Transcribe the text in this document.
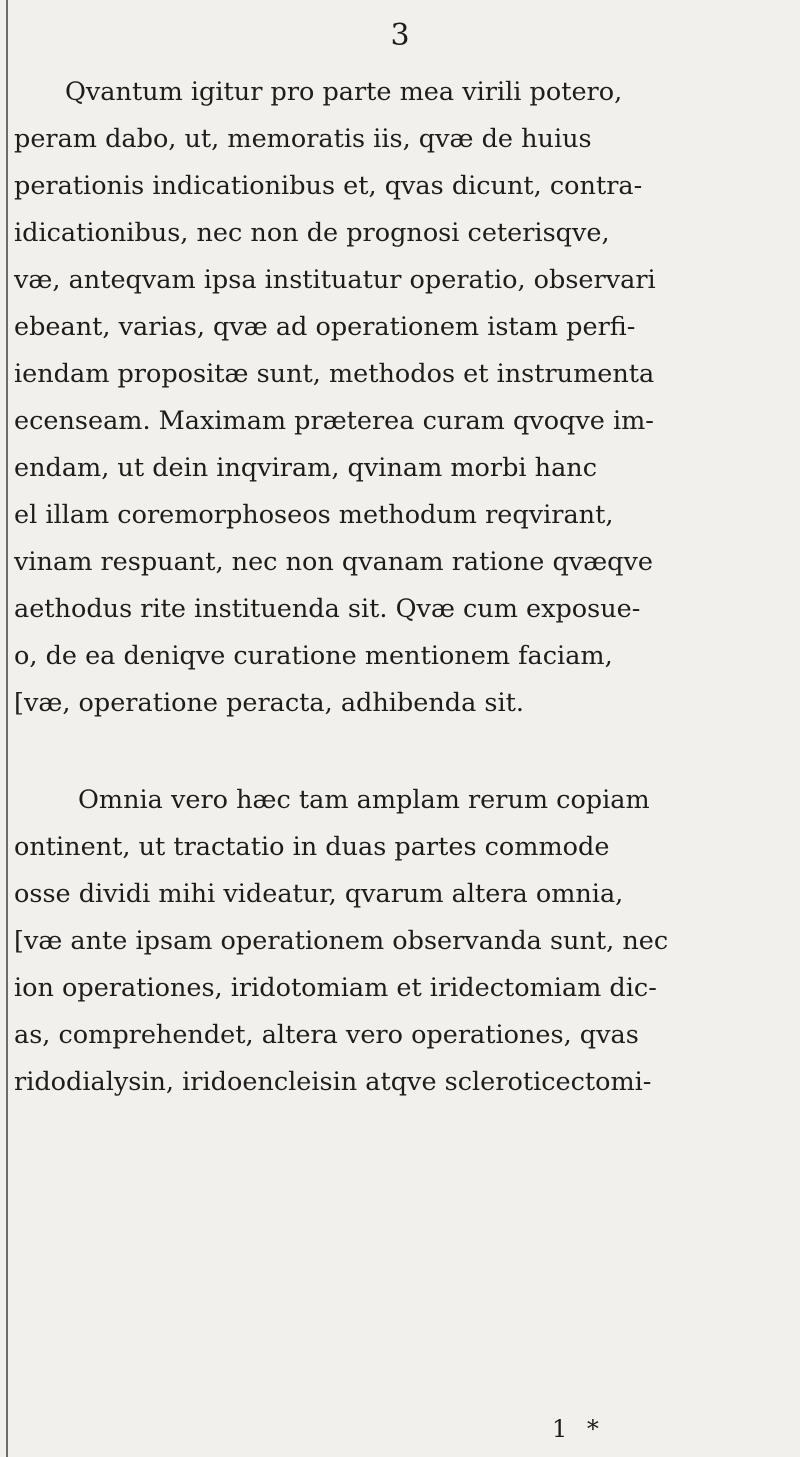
3
Qvantum igitur pro parte mea virili potero,
peram dabo, ut, memoratis iis, qvæ de huius
perationis indicationibus et, qvas dicunt, contra-
idicationibus, nec non de prognosi ceterisqve,
væ, anteqvam ipsa instituatur operatio, observari
ebeant, varias, qvæ ad operationem istam perfi-
iendam propositæ sunt, methodos et instrumenta
ecenseam. Maximam præterea curam qvoqve im-
endam, ut dein inqviram, qvinam morbi hanc
el illam coremorphoseos methodum reqvirant,
vinam respuant, nec non qvanam ratione qvæqve
aethodus rite instituenda sit. Qvæ cum exposue-
o, de ea deniqve curatione mentionem faciam,
[væ, operatione peracta, adhibenda sit.
Omnia vero hæc tam amplam rerum copiam
ontinent, ut tractatio in duas partes commode
osse dividi mihi videatur, qvarum altera omnia,
[væ ante ipsam operationem observanda sunt, nec
ion operationes, iridotomiam et iridectomiam dic-
as, comprehendet, altera vero operationes, qvas
ridodialysin, iridoencleisin atqve scleroticectomi-
1 *
